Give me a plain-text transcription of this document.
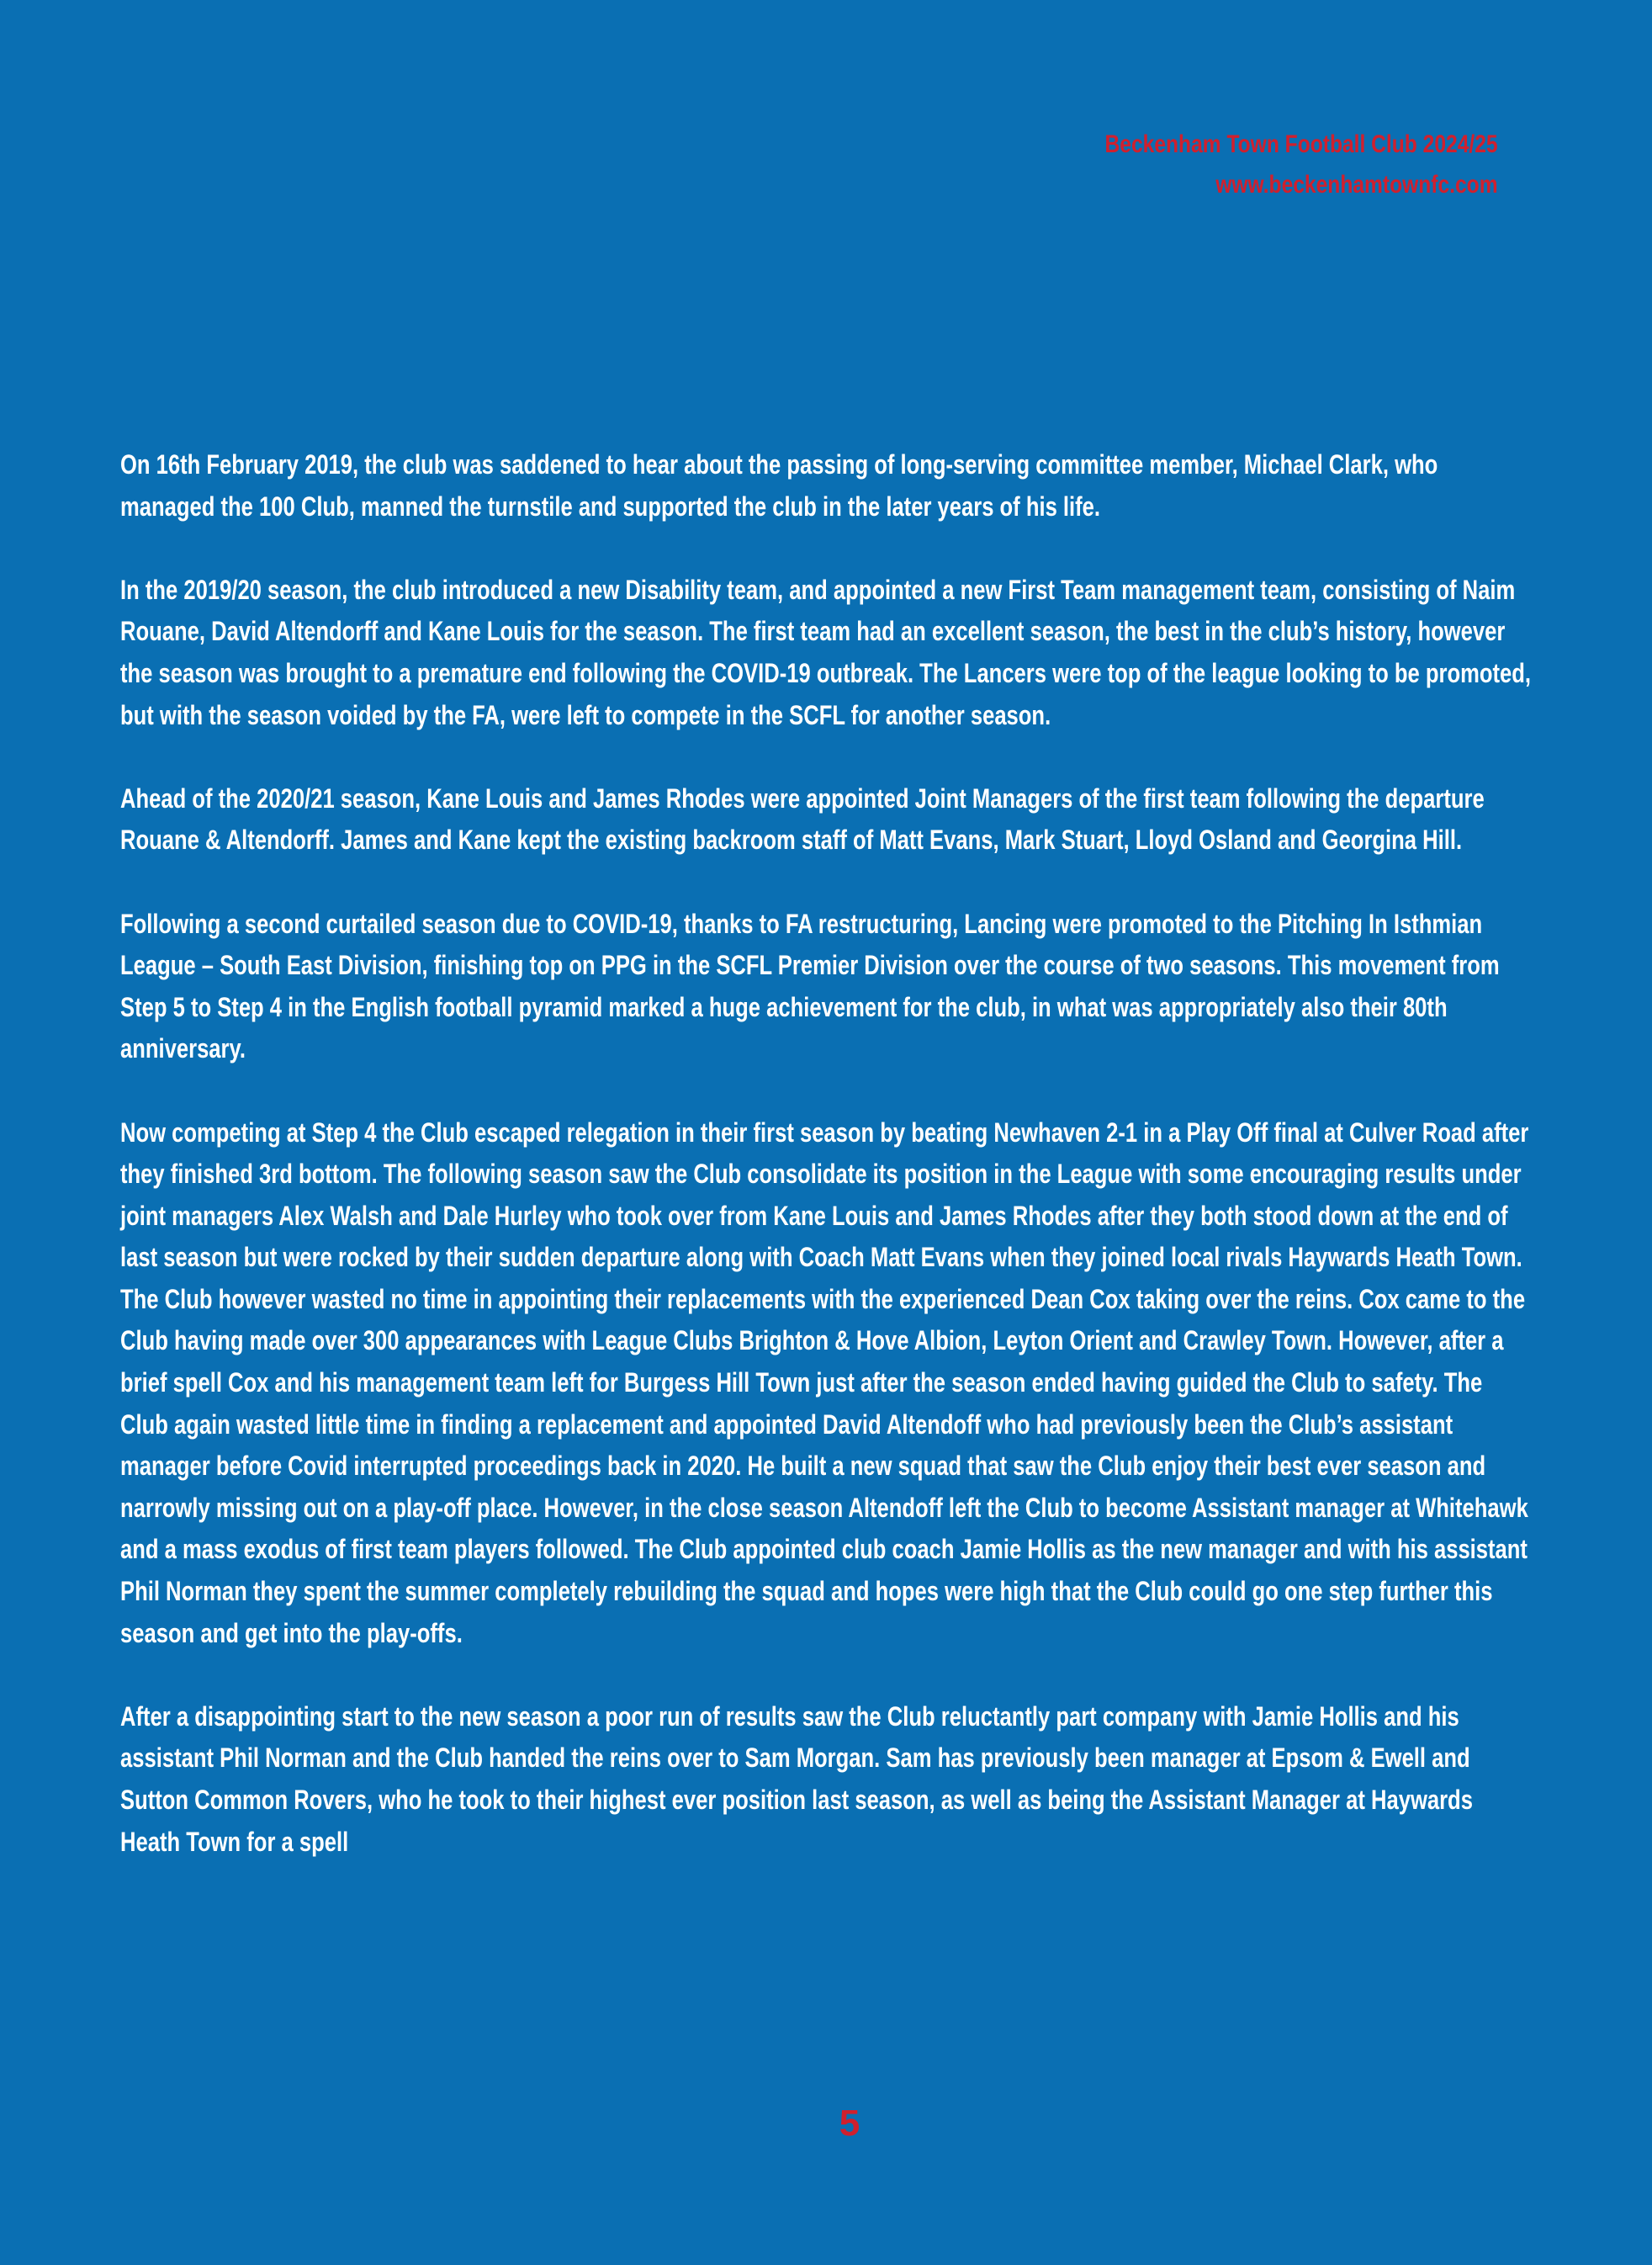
Beckenham Town Football Club 2024/25
www.beckenhamtownfc.com

On 16th February 2019, the club was saddened to hear about the passing of long-serving committee member, Michael Clark, who managed the 100 Club, manned the turnstile and supported the club in the later years of his life.

In the 2019/20 season, the club introduced a new Disability team, and appointed a new First Team management team, consisting of Naim Rouane, David Altendorff and Kane Louis for the season. The first team had an excellent season, the best in the club’s history, however the season was brought to a premature end following the COVID-19 outbreak. The Lancers were top of the league looking to be promoted, but with the season voided by the FA, were left to compete in the SCFL for another season.

Ahead of the 2020/21 season, Kane Louis and James Rhodes were appointed Joint Managers of the first team following the departure Rouane & Altendorff. James and Kane kept the existing backroom staff of Matt Evans, Mark Stuart, Lloyd Osland and Georgina Hill.

Following a second curtailed season due to COVID-19, thanks to FA restructuring, Lancing were promoted to the Pitching In Isthmian League – South East Division, finishing top on PPG in the SCFL Premier Division over the course of two seasons. This movement from Step 5 to Step 4 in the English football pyramid marked a huge achievement for the club, in what was appropriately also their 80th anniversary.

Now competing at Step 4 the Club escaped relegation in their first season by beating Newhaven 2-1 in a Play Off final at Culver Road after they finished 3rd bottom. The following season saw the Club consolidate its position in the League with some encouraging results under joint managers Alex Walsh and Dale Hurley who took over from Kane Louis and James Rhodes after they both stood down at the end of last season but were rocked by their sudden departure along with Coach Matt Evans when they joined local rivals Haywards Heath Town. The Club however wasted no time in appointing their replacements with the experienced Dean Cox taking over the reins. Cox came to the Club having made over 300 appearances with League Clubs Brighton & Hove Albion, Leyton Orient and Crawley Town. However, after a brief spell Cox and his management team left for Burgess Hill Town just after the season ended having guided the Club to safety. The Club again wasted little time in finding a replacement and appointed David Altendoff who had previously been the Club’s assistant manager before Covid interrupted proceedings back in 2020. He built a new squad that saw the Club enjoy their best ever season and narrowly missing out on a play-off place. However, in the close season Altendoff left the Club to become Assistant manager at Whitehawk and a mass exodus of first team players followed. The Club appointed club coach Jamie Hollis as the new manager and with his assistant Phil Norman they spent the summer completely rebuilding the squad and hopes were high that the Club could go one step further this season and get into the play-offs.

After a disappointing start to the new season a poor run of results saw the Club reluctantly part company with Jamie Hollis and his assistant Phil Norman and the Club handed the reins over to Sam Morgan. Sam has previously been manager at Epsom & Ewell and Sutton Common Rovers, who he took to their highest ever position last season, as well as being the Assistant Manager at Haywards Heath Town for a spell

5
